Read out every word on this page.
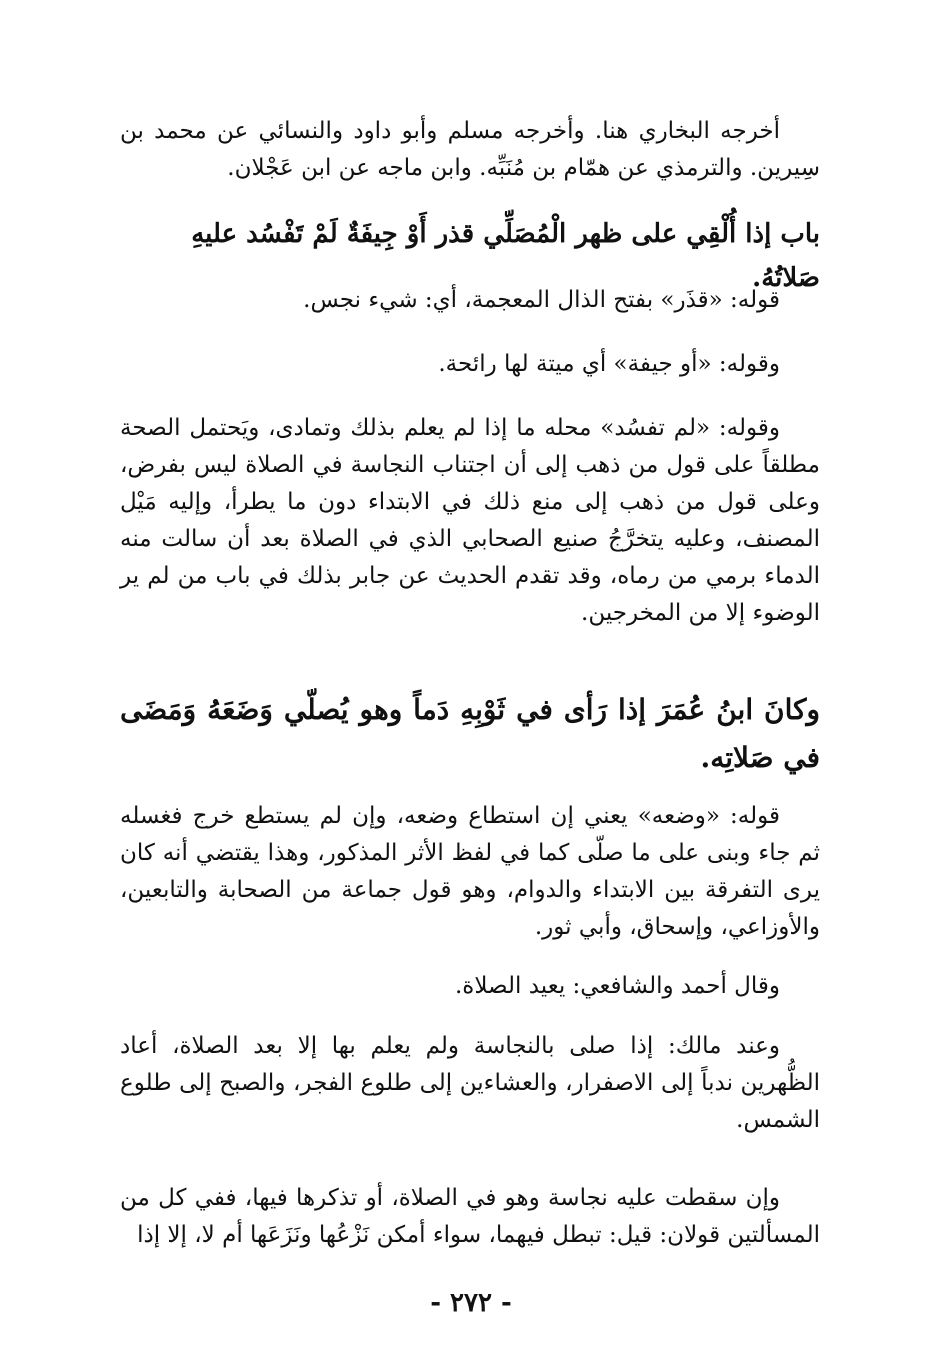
أخرجه البخاري هنا. وأخرجه مسلم وأبو داود والنسائي عن محمد بن سِيرين. والترمذي عن همّام بن مُنَبِّه. وابن ماجه عن ابن عَجْلان.

باب إذا أُلْقِي على ظهر الْمُصَلِّي قذر أَوْ جِيفَةٌ لَمْ تَفْسُد عليهِ صَلاتُهُ.

قوله: «قذَر» بفتح الذال المعجمة، أي: شيء نجس.

وقوله: «أو جيفة» أي ميتة لها رائحة.

وقوله: «لم تفسُد» محله ما إذا لم يعلم بذلك وتمادى، ويَحتمل الصحة مطلقاً على قول من ذهب إلى أن اجتناب النجاسة في الصلاة ليس بفرض، وعلى قول من ذهب إلى منع ذلك في الابتداء دون ما يطرأ، وإليه مَيْل المصنف، وعليه يتخرَّجُ صنيع الصحابي الذي في الصلاة بعد أن سالت منه الدماء برمي من رماه، وقد تقدم الحديث عن جابر بذلك في باب من لم ير الوضوء إلا من المخرجين.

وكانَ ابنُ عُمَرَ إذا رَأى في ثَوْبِهِ دَماً وهو يُصلّي وَضَعَهُ وَمَضَى في صَلاتِه.

قوله: «وضعه» يعني إن استطاع وضعه، وإن لم يستطع خرج فغسله ثم جاء وبنى على ما صلّى كما في لفظ الأثر المذكور، وهذا يقتضي أنه كان يرى التفرقة بين الابتداء والدوام، وهو قول جماعة من الصحابة والتابعين، والأوزاعي، وإسحاق، وأبي ثور.

وقال أحمد والشافعي: يعيد الصلاة.

وعند مالك: إذا صلى بالنجاسة ولم يعلم بها إلا بعد الصلاة، أعاد الظُّهرين ندباً إلى الاصفرار، والعشاءين إلى طلوع الفجر، والصبح إلى طلوع الشمس.

وإن سقطت عليه نجاسة وهو في الصلاة، أو تذكرها فيها، ففي كل من المسألتين قولان: قيل: تبطل فيهما، سواء أمكن نَزْعُها ونَزَعَها أم لا، إلا إذا

- ٢٧٢ -
